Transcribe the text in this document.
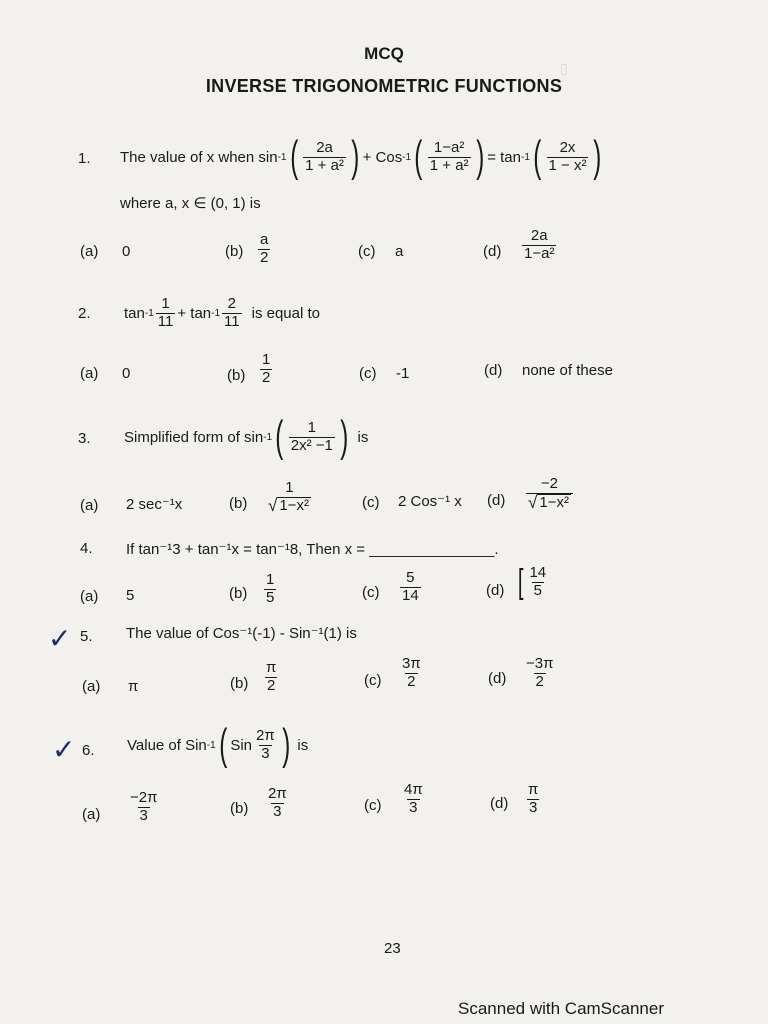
MCQ
INVERSE TRIGONOMETRIC FUNCTIONS
▯
1. The value of x when sin -1 ( $\frac{2a}{\text{1 + a²}}$ ) + Cos -1 ( $\frac{\text{1−a²}}{\text{1 + a²}}$ ) = tan -1 ( $\frac{2x}{\text{1 − x²}}$ )
where a, x ∈ (0, 1) is
(a) 0	$(b) \frac{a}{2}$	(c) a	$(d) \frac{2a}{\text{1−a²}}$
2. $\tan -1 \frac{1}{11} + \tan -1 \frac{2}{11}$ is equal to
(a) 0	$(b) \frac{1}{2}$	(c) -1	(d) none of these
3. Simplified form of sin -1 ( $\frac{1}{\text{2x² −1}}$ ) is
(a) 2 sec⁻¹x	(b)
1
√ 1−x²	(c) 2 Cos⁻¹ x $(d) \frac{-2}{\text{√ 1−x²}}$
4. If tan⁻¹3 + tan⁻¹x = tan⁻¹8, Then x = _______________.
(a) 5	$(b) \frac{1}{5}$	$(c) \frac{5}{14}$	(d) [ $\frac{14}{5}$
✓ 5. The value of Cos⁻¹(-1) - Sin⁻¹(1) is
(a) π	$(b) \frac{\pi}{2}$	$(c) \frac{3\pi}{2}$	$(d) \frac{-3\pi}{2}$
✓ 6. Value of Sin -1 ( Sin $\frac{2\pi}{3}$ ) is
$(a) \frac{-2\pi}{3}$	$(b) \frac{2\pi}{3}$	$(c) \frac{4\pi}{3}$	$(d) \frac{\pi}{3}$
23
Scanned with CamScanner
